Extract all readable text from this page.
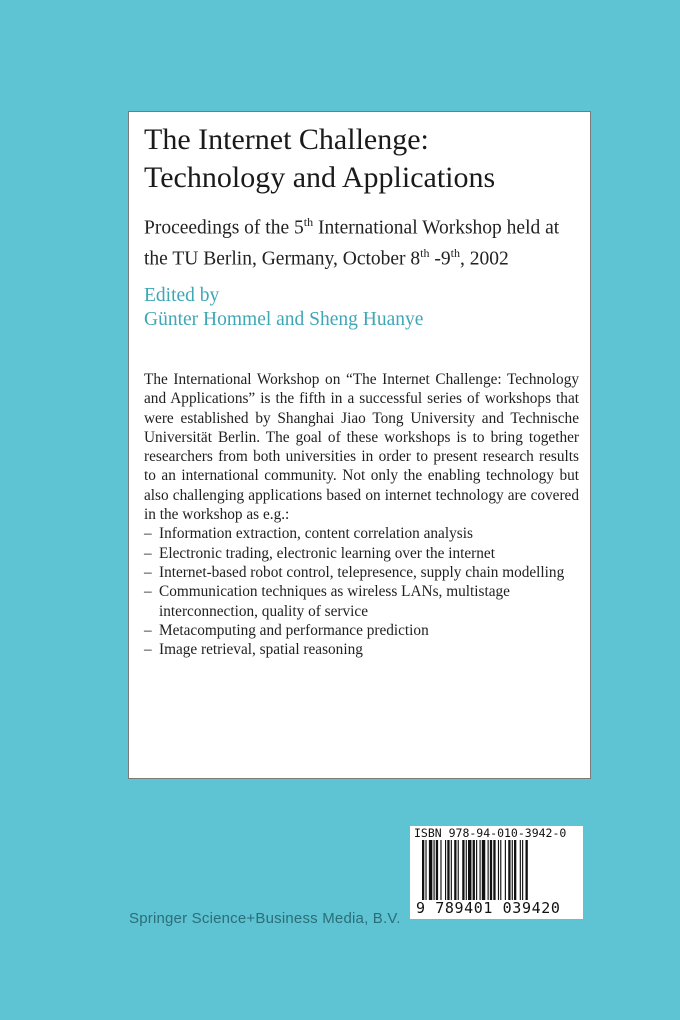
The Internet Challenge:
Technology and Applications
Proceedings of the 5th International Workshop held at the TU Berlin, Germany, October 8th -9th, 2002
Edited by
Günter Hommel and Sheng Huanye

The International Workshop on “The Internet Challenge: Technology and Applications” is the fifth in a successful series of workshops that were established by Shanghai Jiao Tong University and Technische Universität Berlin. The goal of these workshops is to bring together researchers from both universities in order to present research results to an international community. Not only the enabling technology but also challenging applications based on internet technology are covered in the workshop as e.g.:

– Information extraction, content correlation analysis
– Electronic trading, electronic learning over the internet
– Internet-based robot control, telepresence, supply chain modelling
– Communication techniques as wireless LANs, multistage interconnection, quality of service
– Metacomputing and performance prediction
– Image retrieval, spatial reasoning
Springer Science+Business Media, B.V.
ISBN 978-94-010-3942-0
9 789401 039420
